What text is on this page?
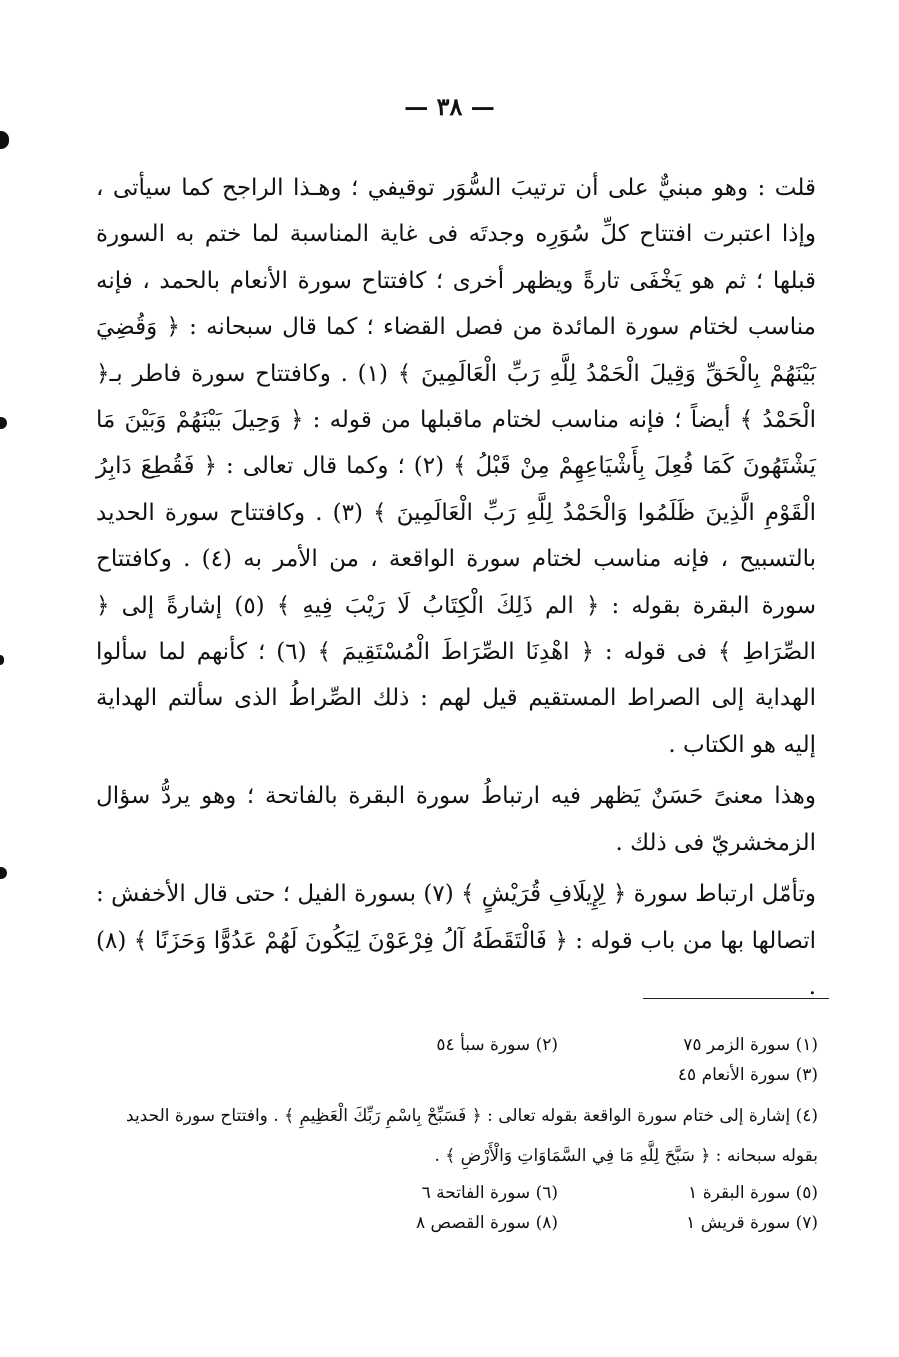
— ٣٨ —

قلت : وهو مبنيٌّ على أن ترتيبَ السُّوَر توقيفي ؛ وهـذا الراجح كما سيأتى ، وإذا اعتبرت افتتاح كلِّ سُوَرِه وجدتَه فى غاية المناسبة لما ختم به السورة قبلها ؛ ثم هو يَخْفَى تارةً ويظهر أخرى ؛ كافتتاح سورة الأنعام بالحمد ، فإنه مناسب لختام سورة المائدة من فصل القضاء ؛ كما قال سبحانه : ﴿ وَقُضِيَ بَيْنَهُمْ بِالْحَقِّ وَقِيلَ الْحَمْدُ لِلَّهِ رَبِّ الْعَالَمِينَ ﴾ (١) . وكافتتاح سورة فاطر بـ﴿ الْحَمْدُ ﴾ أيضاً ؛ فإنه مناسب لختام ماقبلها من قوله : ﴿ وَحِيلَ بَيْنَهُمْ وَبَيْنَ مَا يَشْتَهُونَ كَمَا فُعِلَ بِأَشْيَاعِهِمْ مِنْ قَبْلُ ﴾ (٢) ؛ وكما قال تعالى : ﴿ فَقُطِعَ دَابِرُ الْقَوْمِ الَّذِينَ ظَلَمُوا وَالْحَمْدُ لِلَّهِ رَبِّ الْعَالَمِينَ ﴾ (٣) . وكافتتاح سورة الحديد بالتسبيح ، فإنه مناسب لختام سورة الواقعة ، من الأمر به (٤) . وكافتتاح سورة البقرة بقوله : ﴿ الم ذَلِكَ الْكِتَابُ لَا رَيْبَ فِيهِ ﴾ (٥) إشارةً إلى ﴿ الصِّرَاطِ ﴾ فى قوله : ﴿ اهْدِنَا الصِّرَاطَ الْمُسْتَقِيمَ ﴾ (٦) ؛ كأنهم لما سألوا الهداية إلى الصراط المستقيم قيل لهم : ذلك الصِّراطُ الذى سألتم الهداية إليه هو الكتاب .

وهذا معنىً حَسَنٌ يَظهر فيه ارتباطُ سورة البقرة بالفاتحة ؛ وهو يردُّ سؤال الزمخشريّ فى ذلك .

وتأمّل ارتباط سورة ﴿ لِإِيلَافِ قُرَيْشٍ ﴾ (٧) بسورة الفيل ؛ حتى قال الأخفش : اتصالها بها من باب قوله : ﴿ فَالْتَقَطَهُ آلُ فِرْعَوْنَ لِيَكُونَ لَهُمْ عَدُوًّا وَحَزَنًا ﴾ (٨) .

(١) سورة الزمر ٧٥
(٢) سورة سبأ ٥٤
(٣) سورة الأنعام ٤٥
(٤) إشارة إلى ختام سورة الواقعة بقوله تعالى : ﴿ فَسَبِّحْ بِاسْمِ رَبِّكَ الْعَظِيمِ ﴾ . وافتتاح سورة الحديد بقوله سبحانه : ﴿ سَبَّحَ لِلَّهِ مَا فِي السَّمَاوَاتِ وَالْأَرْضِ ﴾ .
(٥) سورة البقرة ١
(٦) سورة الفاتحة ٦
(٧) سورة قريش ١
(٨) سورة القصص ٨
